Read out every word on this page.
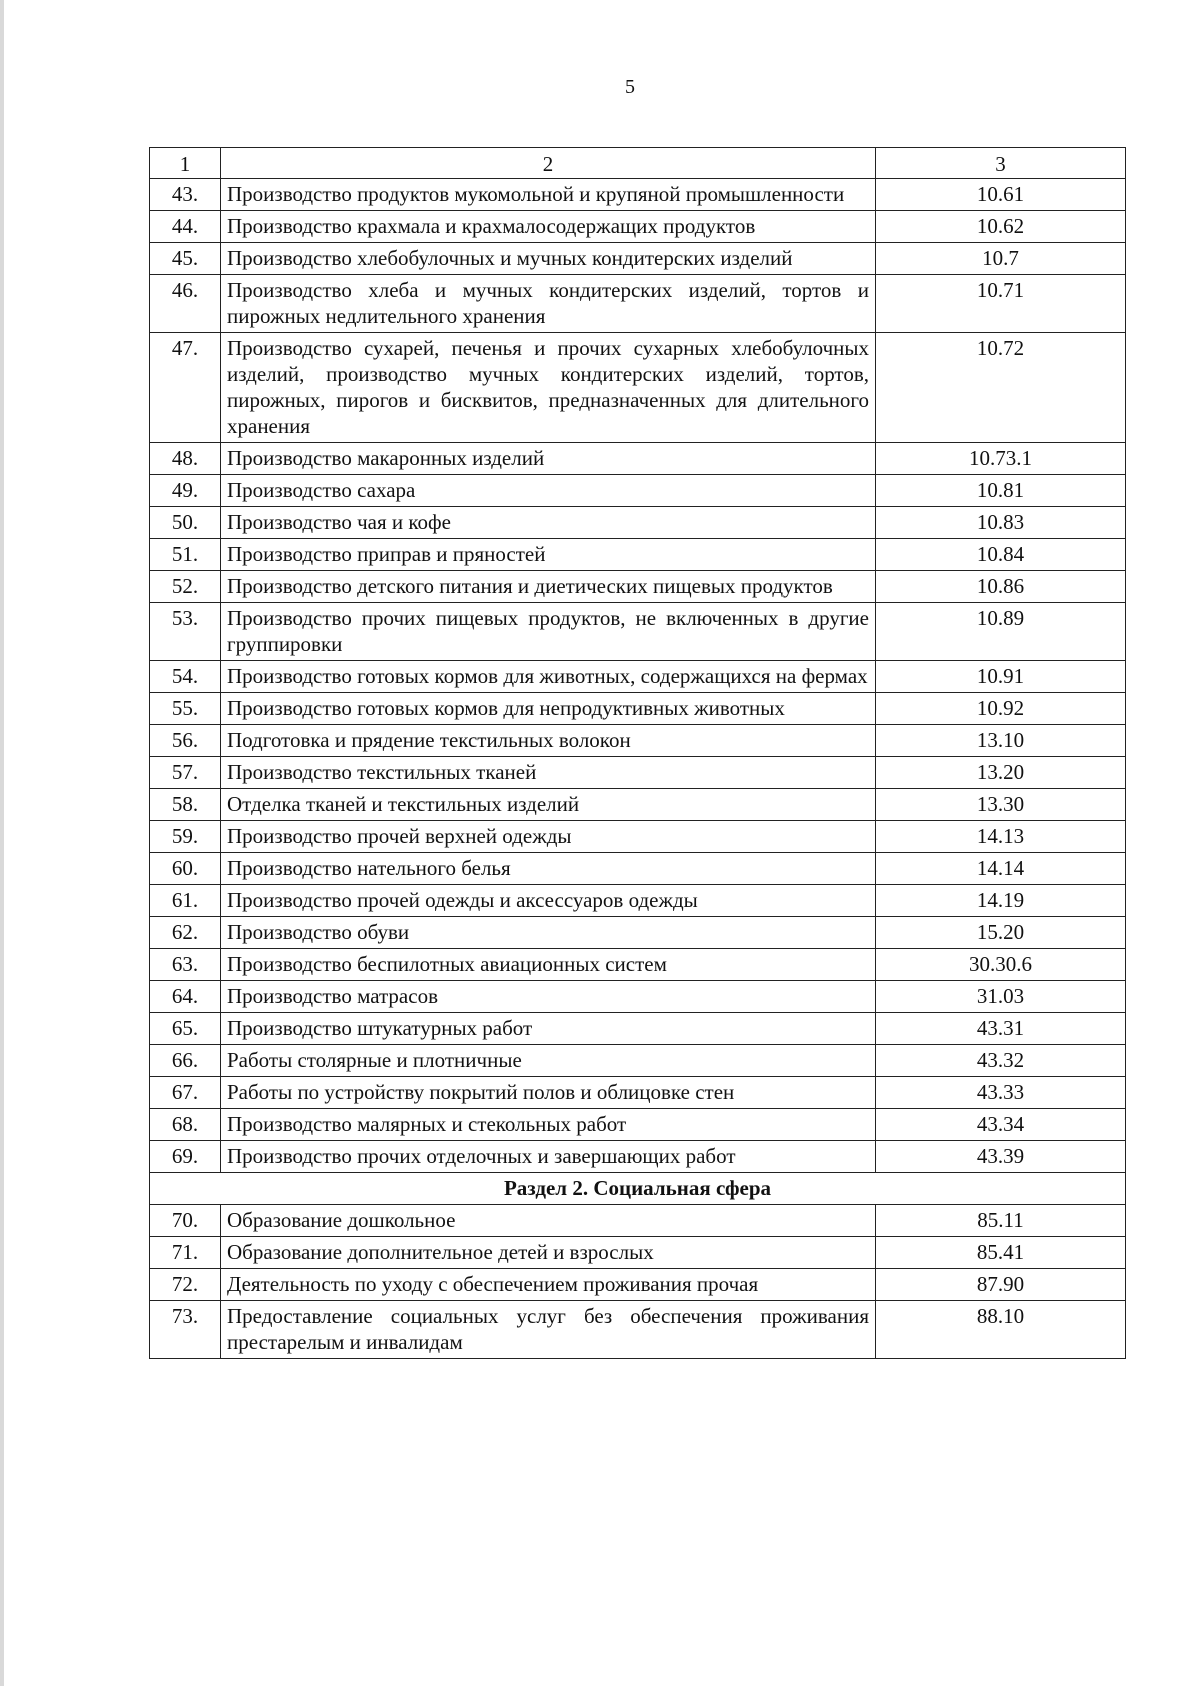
5
1	2	3
43.	Производство продуктов мукомольной и крупяной промышленности	10.61
44.	Производство крахмала и крахмалосодержащих продуктов	10.62
45.	Производство хлебобулочных и мучных кондитерских изделий	10.7
46.	Производство хлеба и мучных кондитерских изделий, тортов и пирожных недлительного хранения	10.71
47.	Производство сухарей, печенья и прочих сухарных хлебобулочных изделий, производство мучных кондитерских изделий, тортов, пирожных, пирогов и бисквитов, предназначенных для длительного хранения	10.72
48.	Производство макаронных изделий	10.73.1
49.	Производство сахара	10.81
50.	Производство чая и кофе	10.83
51.	Производство приправ и пряностей	10.84
52.	Производство детского питания и диетических пищевых продуктов	10.86
53.	Производство прочих пищевых продуктов, не включенных в другие группировки	10.89
54.	Производство готовых кормов для животных, содержащихся на фермах	10.91
55.	Производство готовых кормов для непродуктивных животных	10.92
56.	Подготовка и прядение текстильных волокон	13.10
57.	Производство текстильных тканей	13.20
58.	Отделка тканей и текстильных изделий	13.30
59.	Производство прочей верхней одежды	14.13
60.	Производство нательного белья	14.14
61.	Производство прочей одежды и аксессуаров одежды	14.19
62.	Производство обуви	15.20
63.	Производство беспилотных авиационных систем	30.30.6
64.	Производство матрасов	31.03
65.	Производство штукатурных работ	43.31
66.	Работы столярные и плотничные	43.32
67.	Работы по устройству покрытий полов и облицовке стен	43.33
68.	Производство малярных и стекольных работ	43.34
69.	Производство прочих отделочных и завершающих работ	43.39
Раздел 2. Социальная сфера		
70.	Образование дошкольное	85.11
71.	Образование дополнительное детей и взрослых	85.41
72.	Деятельность по уходу с обеспечением проживания прочая	87.90
73.	Предоставление социальных услуг без обеспечения проживания престарелым и инвалидам	88.10
